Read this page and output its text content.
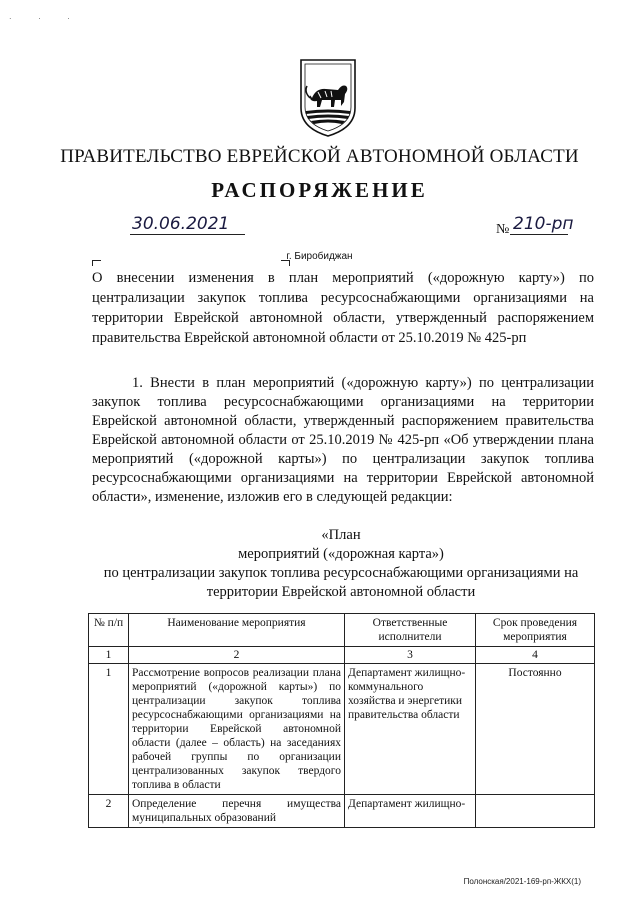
. . .
ПРАВИТЕЛЬСТВО ЕВРЕЙСКОЙ АВТОНОМНОЙ ОБЛАСТИ
РАСПОРЯЖЕНИЕ
30.06.2021	№ 210-рп
г. Биробиджан
О внесении изменения в план мероприятий («дорожную карту») по централизации закупок топлива ресурсоснабжающими организациями на территории Еврейской автономной области, утвержденный распоряжением правительства Еврейской автономной области от 25.10.2019 № 425-рп
1. Внести в план мероприятий («дорожную карту») по централизации закупок топлива ресурсоснабжающими организациями на территории Еврейской автономной области, утвержденный распоряжением правительства Еврейской автономной области от 25.10.2019 № 425-рп «Об утверждении плана мероприятий («дорожной карты») по централизации закупок топлива ресурсоснабжающими организациями на территории Еврейской автономной области», изменение, изложив его в следующей редакции:
«План
мероприятий («дорожная карта»)
по централизации закупок топлива ресурсоснабжающими организациями на
территории Еврейской автономной области
№ п/п	Наименование мероприятия	Ответственные исполнители	Срок проведения мероприятия
1	2	3	4
1	Рассмотрение вопросов реализации плана мероприятий («дорожной карты») по централизации закупок топлива ресурсоснабжающими организациями на территории Еврейской автономной области (далее – область) на заседаниях рабочей группы по организации централизованных закупок твердого топлива в области	Департамент жилищно-коммунального хозяйства и энергетики правительства области	Постоянно
2	Определение перечня имущества муниципальных образований	Департамент жилищно-	
Полонская/2021-169-рп-ЖКХ(1)
